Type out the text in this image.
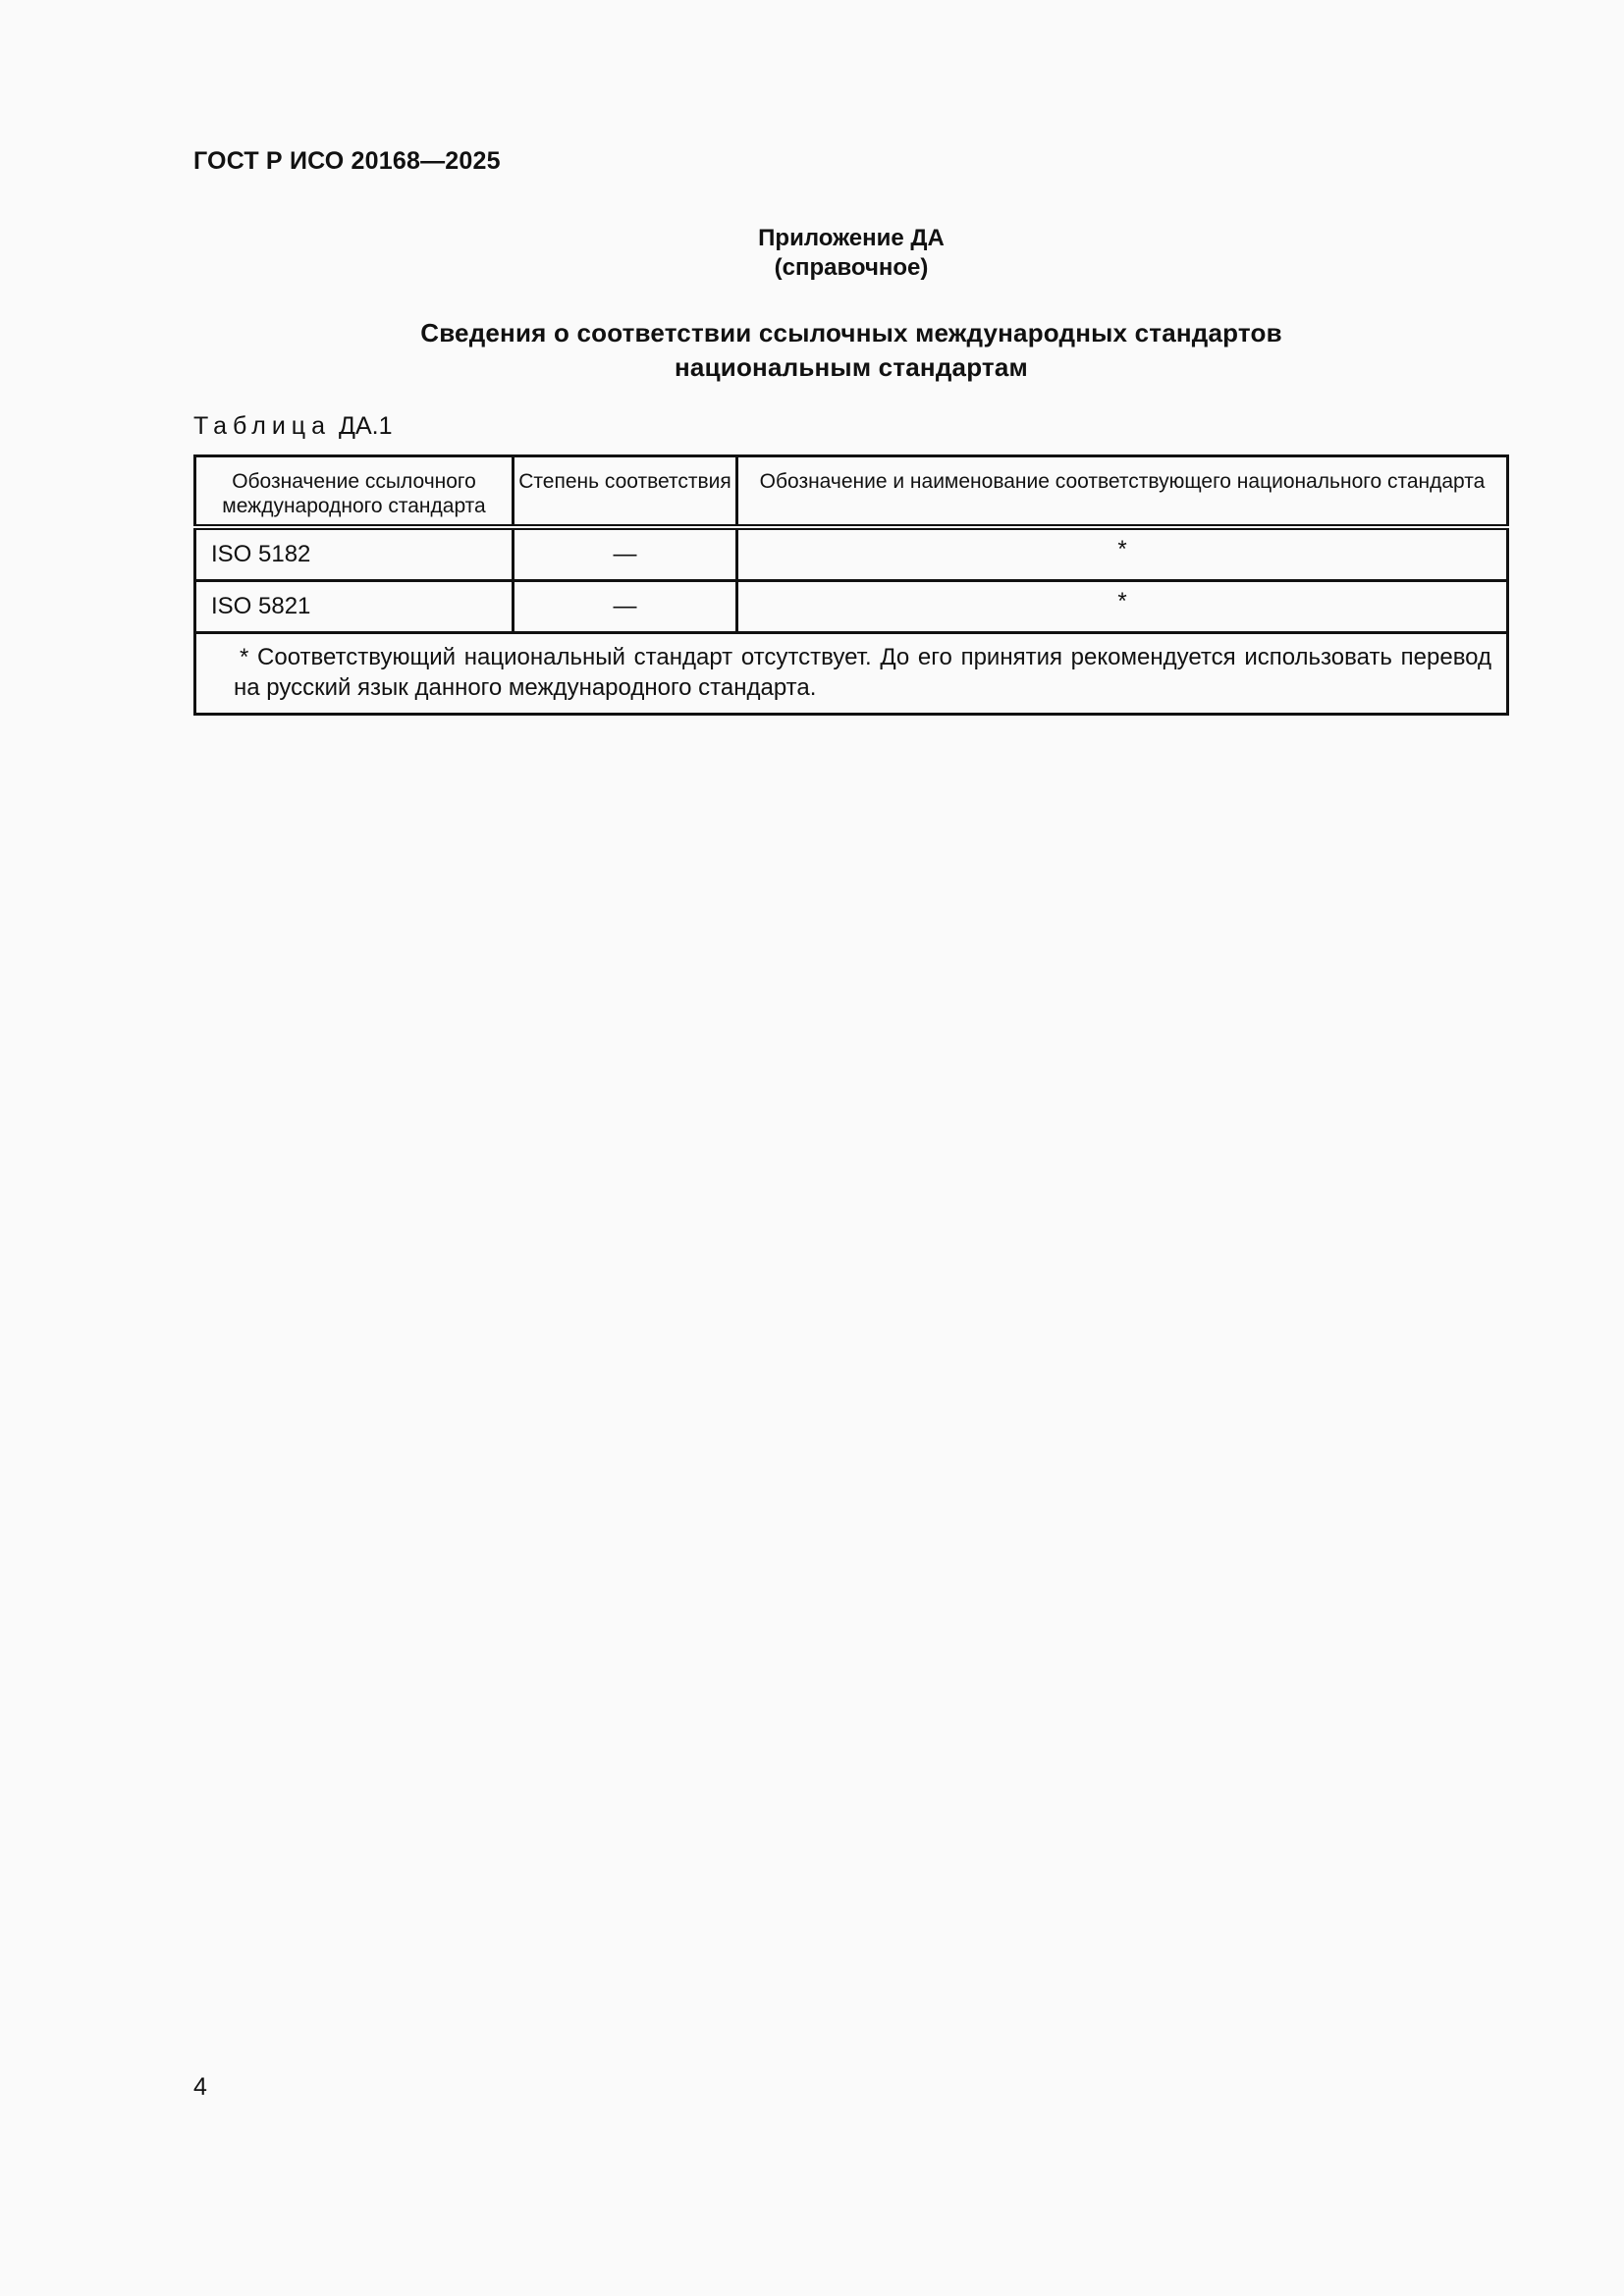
ГОСТ Р ИСО 20168—2025
Приложение ДА
(справочное)
Сведения о соответствии ссылочных международных стандартов
национальным стандартам
Таблица ДА.1
Обозначение ссылочного международного стандарта	Степень соответствия	Обозначение и наименование соответствующего национального стандарта
ISO 5182	—	*
ISO 5821	—	*
* Соответствующий национальный стандарт отсутствует. До его принятия рекомендуется использовать перевод на русский язык данного международного стандарта.		
4
